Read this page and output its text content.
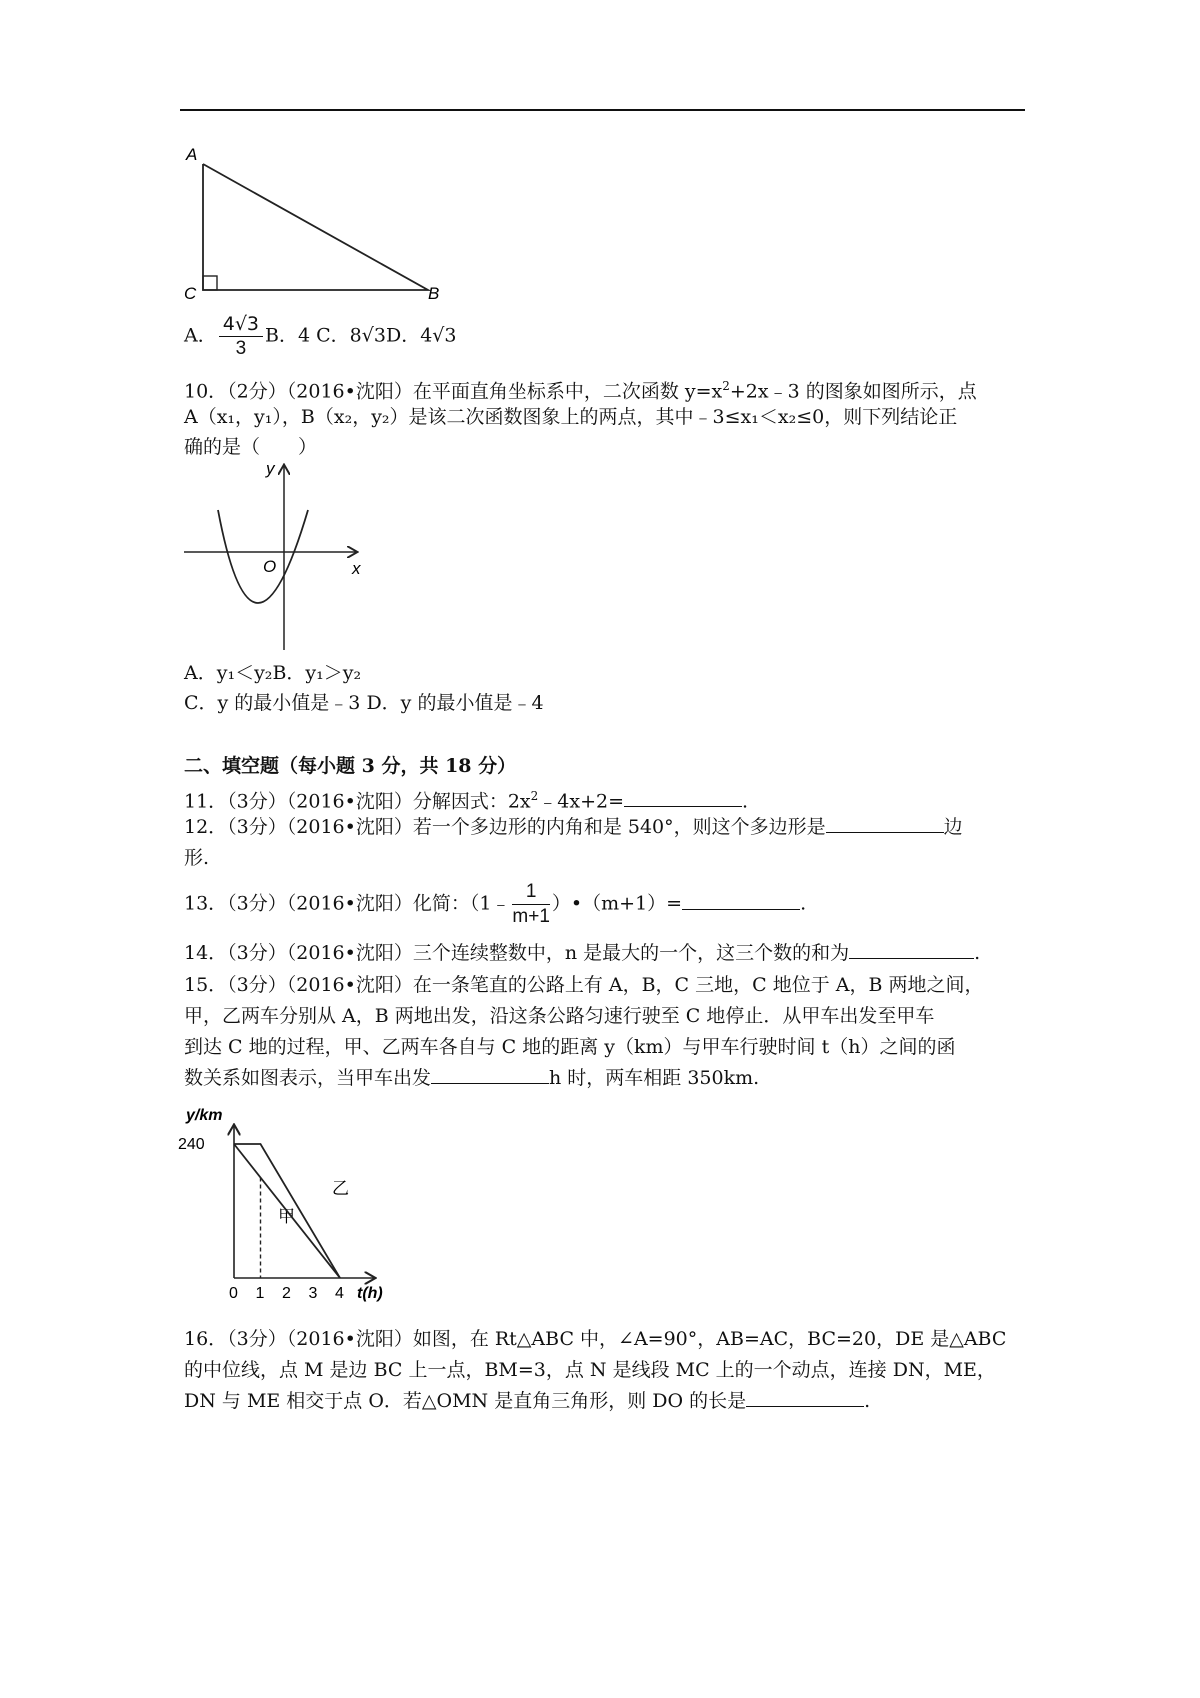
A
C	B
A． $\frac{4√3}{3}$ B．4 C．8√3D．4√3
10．（2分）（2016•沈阳）在平面直角坐标系中，二次函数 $y=x^2+2x﹣3$ 的图象如图所示，点
A（x₁，y₁），B（x₂，y₂）是该二次函数图象上的两点，其中﹣3≤x₁＜x₂≤0，则下列结论正
确的是（　　）
y
x
O
A．y₁＜y₂B．y₁＞y₂
C．y 的最小值是﹣3 D．y 的最小值是﹣4
二、填空题（每小题 3 分，共 18 分）
11．（3分）（2016•沈阳）分解因式：$2x^2﹣4x+2=$	.
12．（3分）（2016•沈阳）若一个多边形的内角和是 540°，则这个多边形是	边
形.
13．（3分）（2016•沈阳）化简：（1﹣ $\frac{1}{m+1}$ ）•（m+1）=	.
14．（3分）（2016•沈阳）三个连续整数中，n 是最大的一个，这三个数的和为	.
15．（3分）（2016•沈阳）在一条笔直的公路上有 A，B，C 三地，C 地位于 A，B 两地之间，
甲，乙两车分别从 A，B 两地出发，沿这条公路匀速行驶至 C 地停止．从甲车出发至甲车
到达 C 地的过程，甲、乙两车各自与 C 地的距离 y（km）与甲车行驶时间 t（h）之间的函
数关系如图表示，当甲车出发	h 时，两车相距 350km.
甲
乙
0 1 2 3 4
240
y/km
t(h)
16．（3分）（2016•沈阳）如图，在 Rt△ABC 中，∠A=90°，AB=AC，BC=20，DE 是△ABC
的中位线，点 M 是边 BC 上一点，BM=3，点 N 是线段 MC 上的一个动点，连接 DN，ME，
DN 与 ME 相交于点 O．若△OMN 是直角三角形，则 DO 的长是	.
